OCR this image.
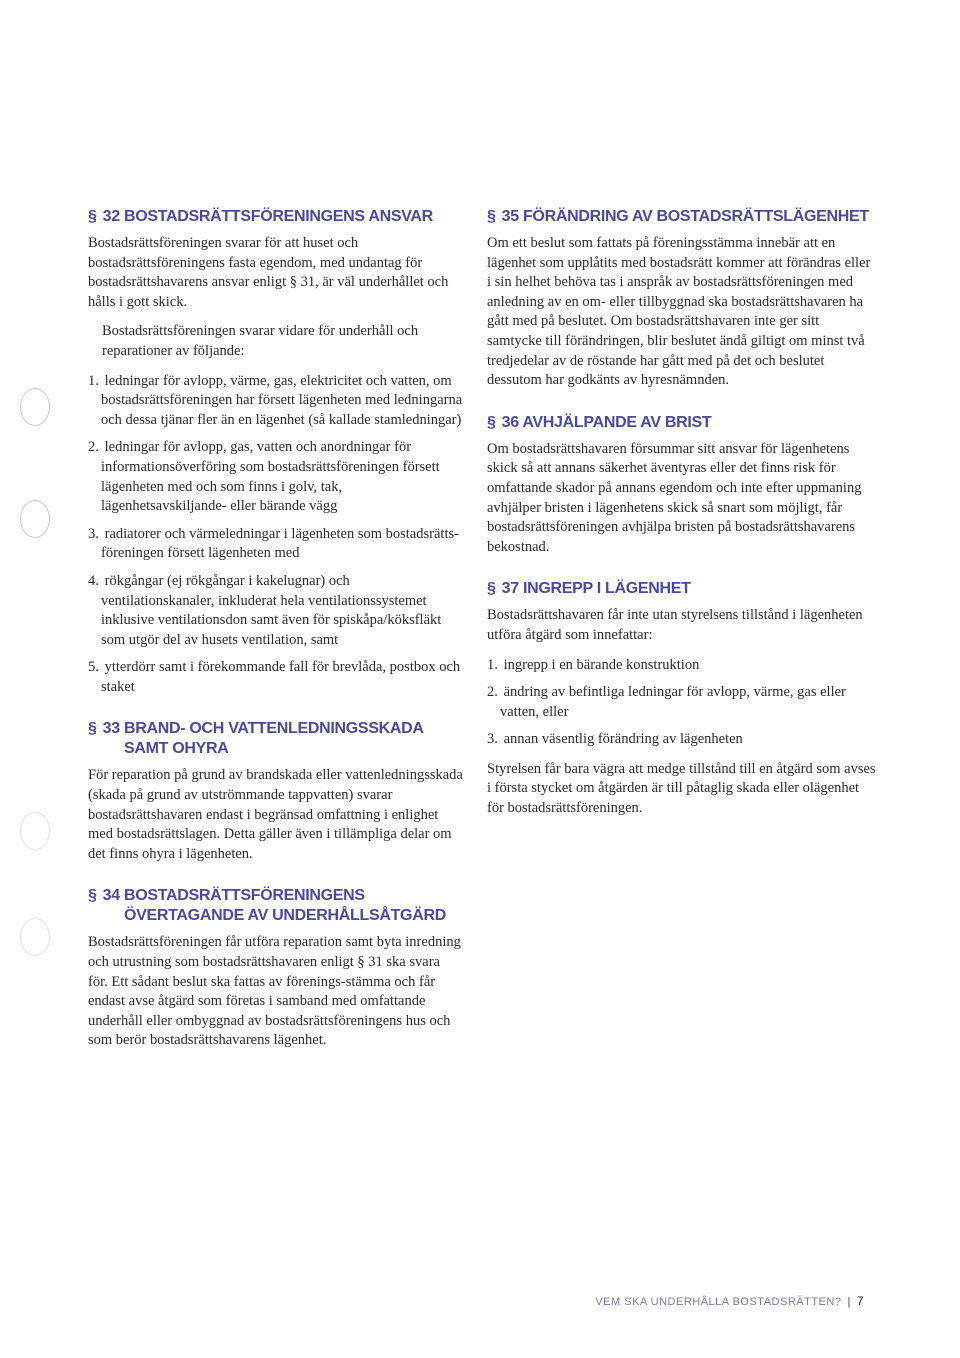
§ 32 BOSTADSRÄTTSFÖRENINGENS ANSVAR

Bostadsrättsföreningen svarar för att huset och bostadsrättsföreningens fasta egendom, med undantag för bostadsrättshavarens ansvar enligt § 31, är väl underhållet och hålls i gott skick.

Bostadsrättsföreningen svarar vidare för underhåll och reparationer av följande:

1. ledningar för avlopp, värme, gas, elektricitet och vatten, om bostadsrättsföreningen har försett lägenheten med ledningarna och dessa tjänar fler än en lägenhet (så kallade stamledningar)
2. ledningar för avlopp, gas, vatten och anordningar för informationsöverföring som bostadsrättsföreningen försett lägenheten med och som finns i golv, tak, lägenhetsavskiljande- eller bärande vägg
3. radiatorer och värmeledningar i lägenheten som bostadsrätts-föreningen försett lägenheten med
4. rökgångar (ej rökgångar i kakelugnar) och ventilationskanaler, inkluderat hela ventilationssystemet inklusive ventilationsdon samt även för spiskåpa/köksfläkt som utgör del av husets ventilation, samt
5. ytterdörr samt i förekommande fall för brevlåda, postbox och staket
§ 33 BRAND- OCH VATTENLEDNINGSSKADA
SAMT OHYRA

För reparation på grund av brandskada eller vattenledningsskada (skada på grund av utströmmande tappvatten) svarar bostadsrättshavaren endast i begränsad omfattning i enlighet med bostadsrättslagen. Detta gäller även i tillämpliga delar om det finns ohyra i lägenheten.

§ 34 BOSTADSRÄTTSFÖRENINGENS
ÖVERTAGANDE AV UNDERHÅLLSÅTGÄRD

Bostadsrättsföreningen får utföra reparation samt byta inredning och utrustning som bostadsrättshavaren enligt § 31 ska svara för. Ett sådant beslut ska fattas av förenings-stämma och får endast avse åtgärd som företas i samband med omfattande underhåll eller ombyggnad av bostadsrättsföreningens hus och som berör bostadsrättshavarens lägenhet.

§ 35 FÖRÄNDRING AV BOSTADSRÄTTSLÄGENHET

Om ett beslut som fattats på föreningsstämma innebär att en lägenhet som upplåtits med bostadsrätt kommer att förändras eller i sin helhet behöva tas i anspråk av bostadsrättsföreningen med anledning av en om- eller tillbyggnad ska bostadsrättshavaren ha gått med på beslutet. Om bostadsrättshavaren inte ger sitt samtycke till förändringen, blir beslutet ändå giltigt om minst två tredjedelar av de röstande har gått med på det och beslutet dessutom har godkänts av hyresnämnden.

§ 36 AVHJÄLPANDE AV BRIST

Om bostadsrättshavaren försummar sitt ansvar för lägenhetens skick så att annans säkerhet äventyras eller det finns risk för omfattande skador på annans egendom och inte efter uppmaning avhjälper bristen i lägenhetens skick så snart som möjligt, får bostadsrättsföreningen avhjälpa bristen på bostadsrättshavarens bekostnad.

§ 37 INGREPP I LÄGENHET

Bostadsrättshavaren får inte utan styrelsens tillstånd i lägenheten utföra åtgärd som innefattar:

1. ingrepp i en bärande konstruktion
2. ändring av befintliga ledningar för avlopp, värme, gas eller vatten, eller
3. annan väsentlig förändring av lägenheten

Styrelsen får bara vägra att medge tillstånd till en åtgärd som avses i första stycket om åtgärden är till påtaglig skada eller olägenhet för bostadsrättsföreningen.

VEM SKA UNDERHÅLLA BOSTADSRÄTTEN? | 7
